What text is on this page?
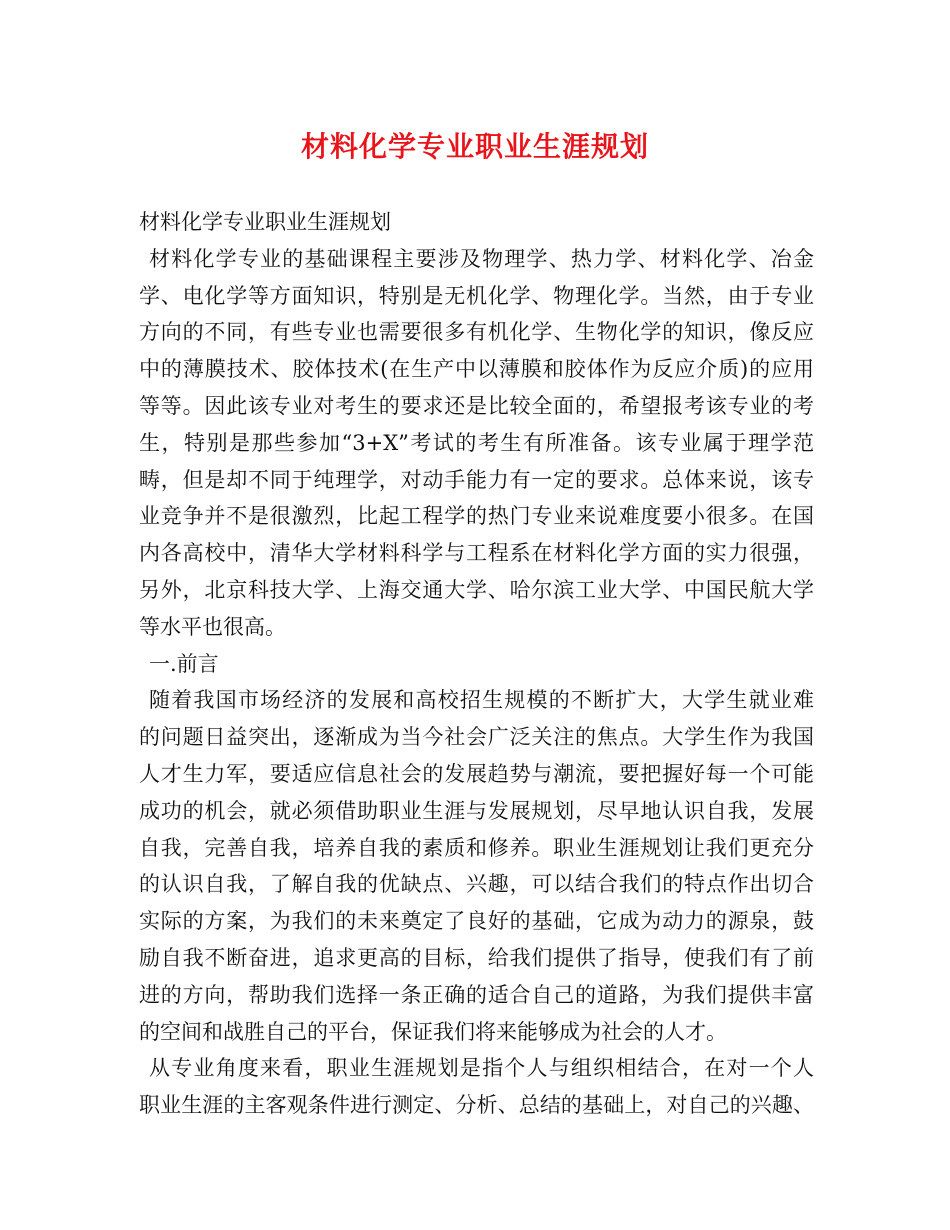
材料化学专业职业生涯规划
材料化学专业职业生涯规划
材料化学专业的基础课程主要涉及物理学、热力学、材料化学、冶金
学、电化学等方面知识，特别是无机化学、物理化学。当然，由于专业
方向的不同，有些专业也需要很多有机化学、生物化学的知识，像反应
中的薄膜技术、胶体技术(在生产中以薄膜和胶体作为反应介质)的应用
等等。因此该专业对考生的要求还是比较全面的，希望报考该专业的考
生，特别是那些参加“3+X”考试的考生有所准备。该专业属于理学范
畴，但是却不同于纯理学，对动手能力有一定的要求。总体来说，该专
业竞争并不是很激烈，比起工程学的热门专业来说难度要小很多。在国
内各高校中，清华大学材料科学与工程系在材料化学方面的实力很强，
另外，北京科技大学、上海交通大学、哈尔滨工业大学、中国民航大学
等水平也很高。
一.前言
随着我国市场经济的发展和高校招生规模的不断扩大，大学生就业难
的问题日益突出，逐渐成为当今社会广泛关注的焦点。大学生作为我国
人才生力军，要适应信息社会的发展趋势与潮流，要把握好每一个可能
成功的机会，就必须借助职业生涯与发展规划，尽早地认识自我，发展
自我，完善自我，培养自我的素质和修养。职业生涯规划让我们更充分
的认识自我，了解自我的优缺点、兴趣，可以结合我们的特点作出切合
实际的方案，为我们的未来奠定了良好的基础，它成为动力的源泉，鼓
励自我不断奋进，追求更高的目标，给我们提供了指导，使我们有了前
进的方向，帮助我们选择一条正确的适合自己的道路，为我们提供丰富
的空间和战胜自己的平台，保证我们将来能够成为社会的人才。
从专业角度来看，职业生涯规划是指个人与组织相结合，在对一个人
职业生涯的主客观条件进行测定、分析、总结的基础上，对自己的兴趣、
